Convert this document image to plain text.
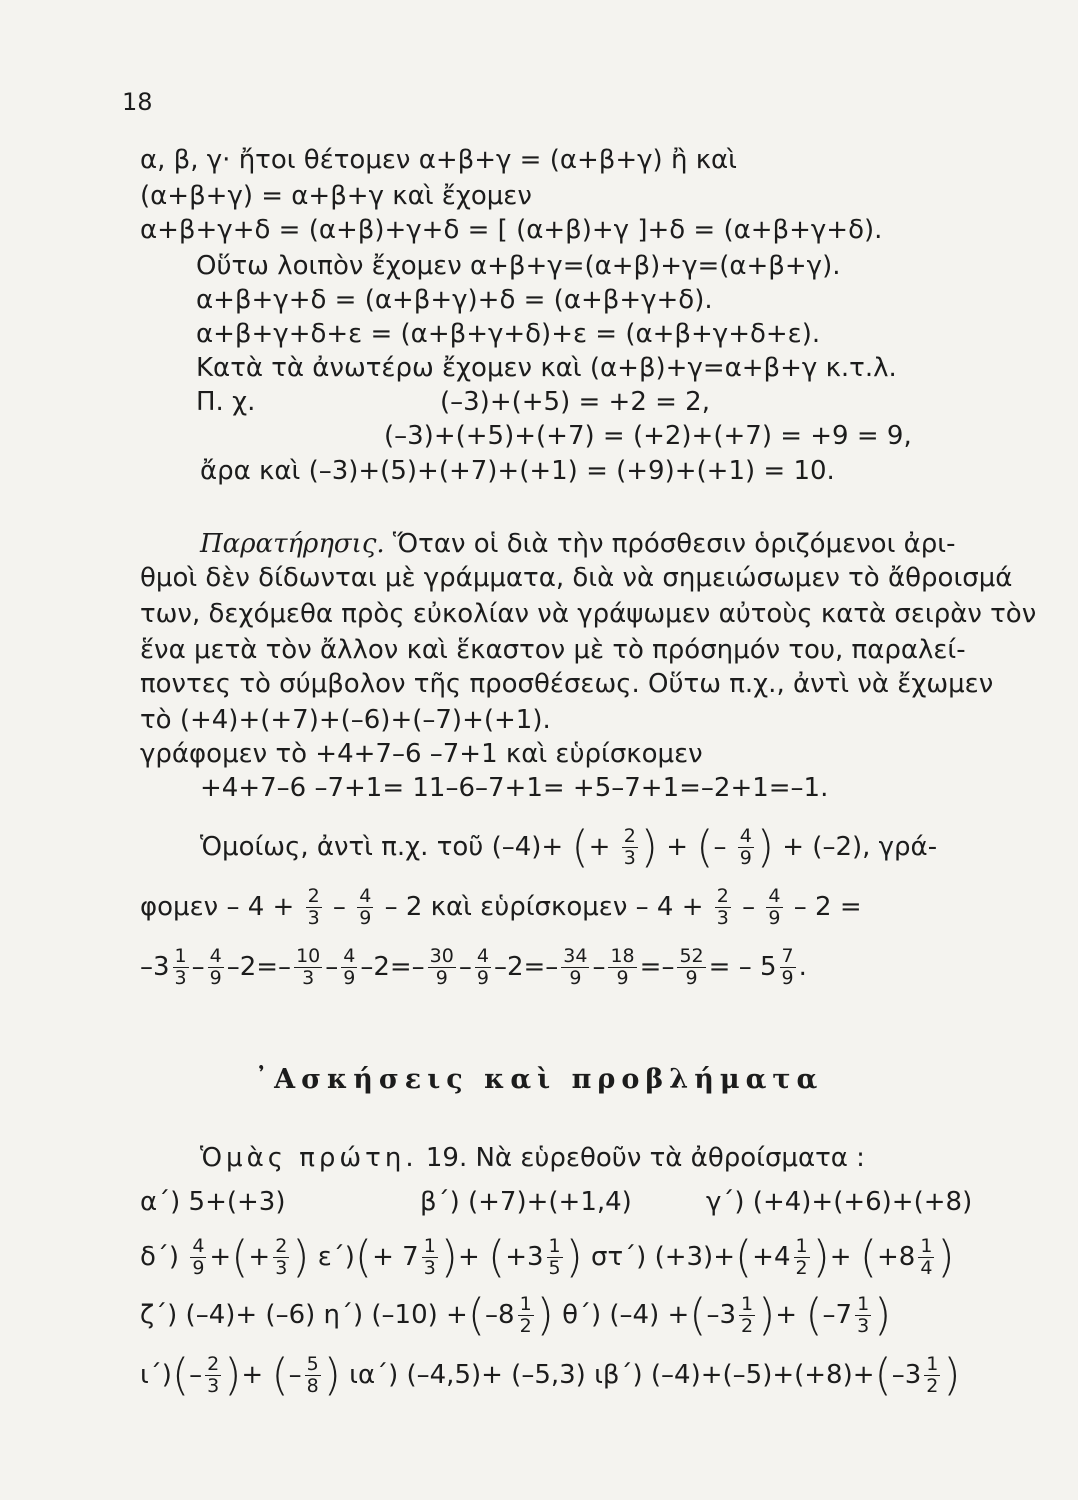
18
α, β, γ· ἤτοι θέτομεν α+β+γ = (α+β+γ) ἢ καὶ
(α+β+γ) = α+β+γ καὶ ἔχομεν
α+β+γ+δ = (α+β)+γ+δ = [ (α+β)+γ ]+δ = (α+β+γ+δ).
Οὕτω λοιπὸν ἔχομεν α+β+γ=(α+β)+γ=(α+β+γ).
α+β+γ+δ = (α+β+γ)+δ = (α+β+γ+δ).
α+β+γ+δ+ε = (α+β+γ+δ)+ε = (α+β+γ+δ+ε).
Κατὰ τὰ ἀνωτέρω ἔχομεν καὶ (α+β)+γ=α+β+γ κ.τ.λ.
Π. χ.	(–3)+(+5) = +2 = 2,
(–3)+(+5)+(+7) = (+2)+(+7) = +9 = 9,
ἄρα καὶ (–3)+(5)+(+7)+(+1) = (+9)+(+1) = 10.
Παρατήρησις. Ὅταν οἱ διὰ τὴν πρόσθεσιν ὁριζόμενοι ἀρι-
θμοὶ δὲν δίδωνται μὲ γράμματα, διὰ νὰ σημειώσωμεν τὸ ἄθροισμά
των, δεχόμεθα πρὸς εὐκολίαν νὰ γράψωμεν αὐτοὺς κατὰ σειρὰν τὸν
ἕνα μετὰ τὸν ἄλλον καὶ ἕκαστον μὲ τὸ πρόσημόν του, παραλεί-
ποντες τὸ σύμβολον τῆς προσθέσεως. Οὕτω π.χ., ἀντὶ νὰ ἔχωμεν
τὸ (+4)+(+7)+(–6)+(–7)+(+1).
γράφομεν τὸ +4+7–6 –7+1 καὶ εὑρίσκομεν
+4+7–6 –7+1= 11–6–7+1= +5–7+1=–2+1=–1.
Ὁμοίως, ἀντὶ π.χ. τοῦ (–4)+ (+ $\frac{2}{3}$ ) + (– $\frac{4}{9}$ ) + (–2), γρά-
$\varphi o\mu\varepsilon\nu - 4 + \frac{2}{3} - \frac{4}{9} - 2$ καὶ εὑρίσκομεν – $4 + \frac{2}{3} - \frac{4}{9} - 2$ =
$-3 \frac{1}{3} - \frac{4}{9} -2=- \frac{10}{3} - \frac{4}{9} -2=- \frac{30}{9} - \frac{4}{9} -2=- \frac{34}{9} - \frac{18}{9} =- \frac{52}{9}$ = – $5 \frac{7}{9}$ .
᾿Ασκήσεις καὶ προβλήματα
Ὁμὰς πρώτη. 19. Νὰ εὑρεθοῦν τὰ ἀθροίσματα :
α΄) 5+(+3)	β΄) (+7)+(+1,4)	γ΄) (+4)+(+6)+(+8)
$\delta΄) \frac{4}{9}$ +(+ $\frac{2}{3}$ ) $\varepsilon΄)(+ 7 \frac{1}{3}$ )+ ($+3 \frac{1}{5}$ ) στ΄) $(+3)+(+4 \frac{1}{2}$ )+ ($+8 \frac{1}{4}$ )
ζ΄) (–4)+ (–6) η΄) $(-10) +(-8 \frac{1}{2}$ ) θ΄) $(-4) +(-3 \frac{1}{2}$ )+ ($-7 \frac{1}{3}$ )
$\iota΄)(- \frac{2}{3}$ )+ (– $\frac{5}{8}$ ) ια΄) (–4,5)+ (–5,3) ιβ΄) $(-4)+(-5)+(+8)+(-3 \frac{1}{2}$ )
